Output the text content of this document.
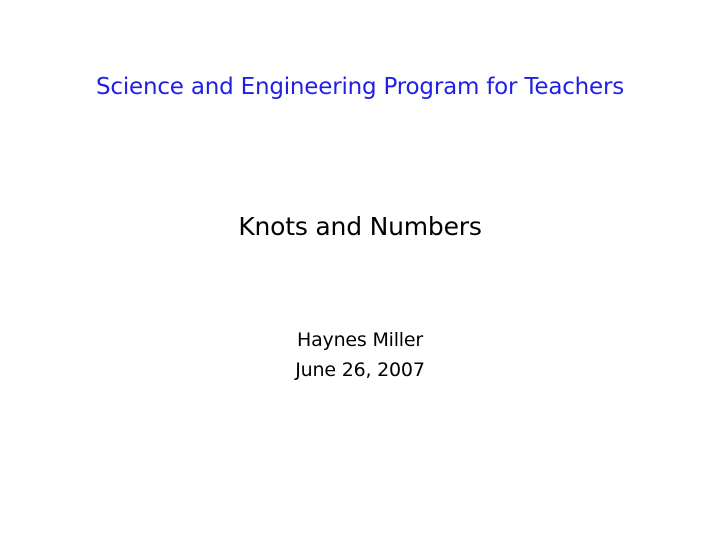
Science and Engineering Program for Teachers
Knots and Numbers
Haynes Miller
June 26, 2007
